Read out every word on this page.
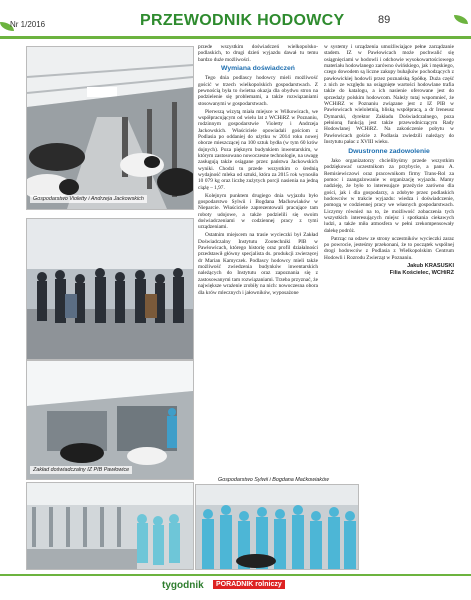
Nr 1/2016	PRZEWODNIK HODOWCY	89
Gospodarstwo Violetty i Andrzeja Jackowskich
Zakład doświadczalny IZ PIB Pawłowice
Gospodarstwo Sylwii i Bogdana Maćkowiaków

przede wszystkim doświadczeń wielkopolsko-podlaskich, to drugi dzień wyjazdu dawał tu temu bardzo duże możliwości.

Wymiana doświadczeń

Tego dnia podlascy hodowcy mieli możliwość gościć w trzech wielkopolskich gospodarstwach. Z pewnością była to świetna okazja dla obydwu stron na podzielenie się problemami, a także rozwiązaniami stosowanymi w gospodarstwach.

Pierwszą wizytą miała miejsce w Wilkowicach, we współpracującym od wielu lat z WCHiRZ w Poznaniu, rodzinnym gospodarstwie Violetty i Andrzeja Jackowskich. Właściciele opowiadali gościom z Podlasia po oddaniej do użytku w 2014 roku nowej oborze mieszczącej na 100 sztuk bydła (w tym 60 krów dojnych). Poza pięknym budynkiem inwentarskim, w którym zastosowano nowoczesne technologie, na uwagę zasługują także osiągane przez państwa Jackowskich wyniki. Chodzi tu przede wszystkim o średnią wydajność mleka od sztuki, która za 2015 rok wynosiła 10 079 kg oraz liczbę zużytych porcji nasienia na jedną ciążę – 1,97.

Kolejnym punktem drugiego dnia wyjazdu było gospodarstwo Sylwii i Bogdana Maćkowiaków w Nieparcie. Właściciele zaprezentowali pracujące tam roboty udojowe, a także podzielili się swoim doświadczeniami w codziennej pracy z tymi urządzeniami.

Ostatnim miejscem na trasie wycieczki był Zakład Doświadczalny Instytutu Zootechniki PIB w Pawłowicach, którego historię oraz profil działalności przedstawił główny specjalista ds. produkcji zwierzęcej dr Marian Kamyczek. Podlascy hodowcy mieli także możliwość zwiedzenia budynków inwentarskich należących do Instytutu oraz zapoznania się z zastosowanymi tam rozwiązaniami. Trzeba przyznać, że największe wrażenie zrobiły na nich: nowoczesna obora dla krów mlecznych i jałowników, wyposażone

w systemy i urządzenia umożliwiające pełne zarządzanie stadem. IZ w Pawłowicach może pochwalić się osiągnięciami w hodowli i odchowie wysokowartościowego materiału hodowlanego zarówno świńskiego, jak i męskiego, czego dowodem są liczne zakupy buhajków pochodzących z pawłowickiej hodowli przez poznańską Spółkę. Duża część z nich ze względu na osiągnięte wartości hodowlane trafia także do katalogu, a ich nasienie oferowane jest do sprzedaży polskim hodowcom. Należy tutaj wspomnieć, że WCHiRZ w Poznaniu związane jest z IZ PIB w Pawłowicach wieloletnią, bliską współpracą, a dr Ireneusz Dymarski, dyrektor Zakładu Doświadczalnego, poza pełnioną funkcją jest także przewodniczącym Rady Hodowlanej WCHiRZ. Na zakończenie pobytu w Pawłowicach goście z Podlasia zwiedzili należący do Instytutu pałac z XVIII wieku.

Dwustronne zadowolenie

Jako organizatorzy chcielibyśmy przede wszystkim podziękować uczestnikom za przybycie, a panu A. Remisiewiczowi oraz pracownikom firmy Trans-Rol za pomoc i zaangażowanie w organizację wyjazdu. Mamy nadzieję, że było to interesujące przeżycie zarówno dla gości, jak i dla gospodarzy, a zdobyte przez podlaskich hodowców w trakcie wyjazdu: wiedza i doświadczenie, pomogą w codziennej pracy we własnych gospodarstwach. Liczymy również na to, że możliwość zobaczenia tych wszystkich interesujących miejsc i spotkania ciekawych ludzi, a także miła atmosfera w pełni zrekompensowały dalekę podróż.

Patrząc na odzew ze strony uczestników wycieczki zaraz po powrocie, jesteśmy przekonani, że to początek wspólnej drogi hodowców z Podlasia z Wielkopolskim Centrum Hodowli i Rozrodu Zwierząt w Poznaniu.

Jakub KRASUSKI
Filia Kościelec, WCHiRZ
tygodnik	PORADNIK rolniczy
